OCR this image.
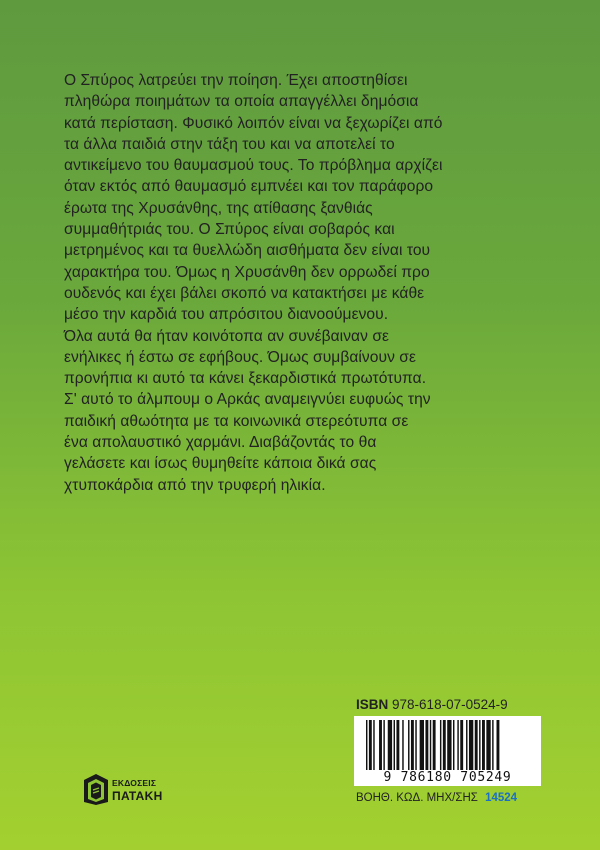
Ο Σπύρος λατρεύει την ποίηση. Έχει αποστηθίσει
πληθώρα ποιημάτων τα οποία απαγγέλλει δημόσια
κατά περίσταση. Φυσικό λοιπόν είναι να ξεχωρίζει από
τα άλλα παιδιά στην τάξη του και να αποτελεί το
αντικείμενο του θαυμασμού τους. Το πρόβλημα αρχίζει
όταν εκτός από θαυμασμό εμπνέει και τον παράφορο
έρωτα της Χρυσάνθης, της ατίθασης ξανθιάς
συμμαθήτριάς του. Ο Σπύρος είναι σοβαρός και
μετρημένος και τα θυελλώδη αισθήματα δεν είναι του
χαρακτήρα του. Όμως η Χρυσάνθη δεν ορρωδεί προ
ουδενός και έχει βάλει σκοπό να κατακτήσει με κάθε
μέσο την καρδιά του απρόσιτου διανοούμενου.
Όλα αυτά θα ήταν κοινότοπα αν συνέβαιναν σε
ενήλικες ή έστω σε εφήβους. Όμως συμβαίνουν σε
προνήπια κι αυτό τα κάνει ξεκαρδιστικά πρωτότυπα.
Σ' αυτό το άλμπουμ ο Αρκάς αναμειγνύει ευφυώς την
παιδική αθωότητα με τα κοινωνικά στερεότυπα σε
ένα απολαυστικό χαρμάνι. Διαβάζοντάς το θα
γελάσετε και ίσως θυμηθείτε κάποια δικά σας
χτυποκάρδια από την τρυφερή ηλικία.
ISBN 978-618-07-0524-9
9 786180 705249
ΒΟΗΘ. ΚΩΔ. ΜΗΧ/ΣΗΣ 14524
ΕΚΔΟΣΕΙΣ
ΠΑΤΑΚΗ
